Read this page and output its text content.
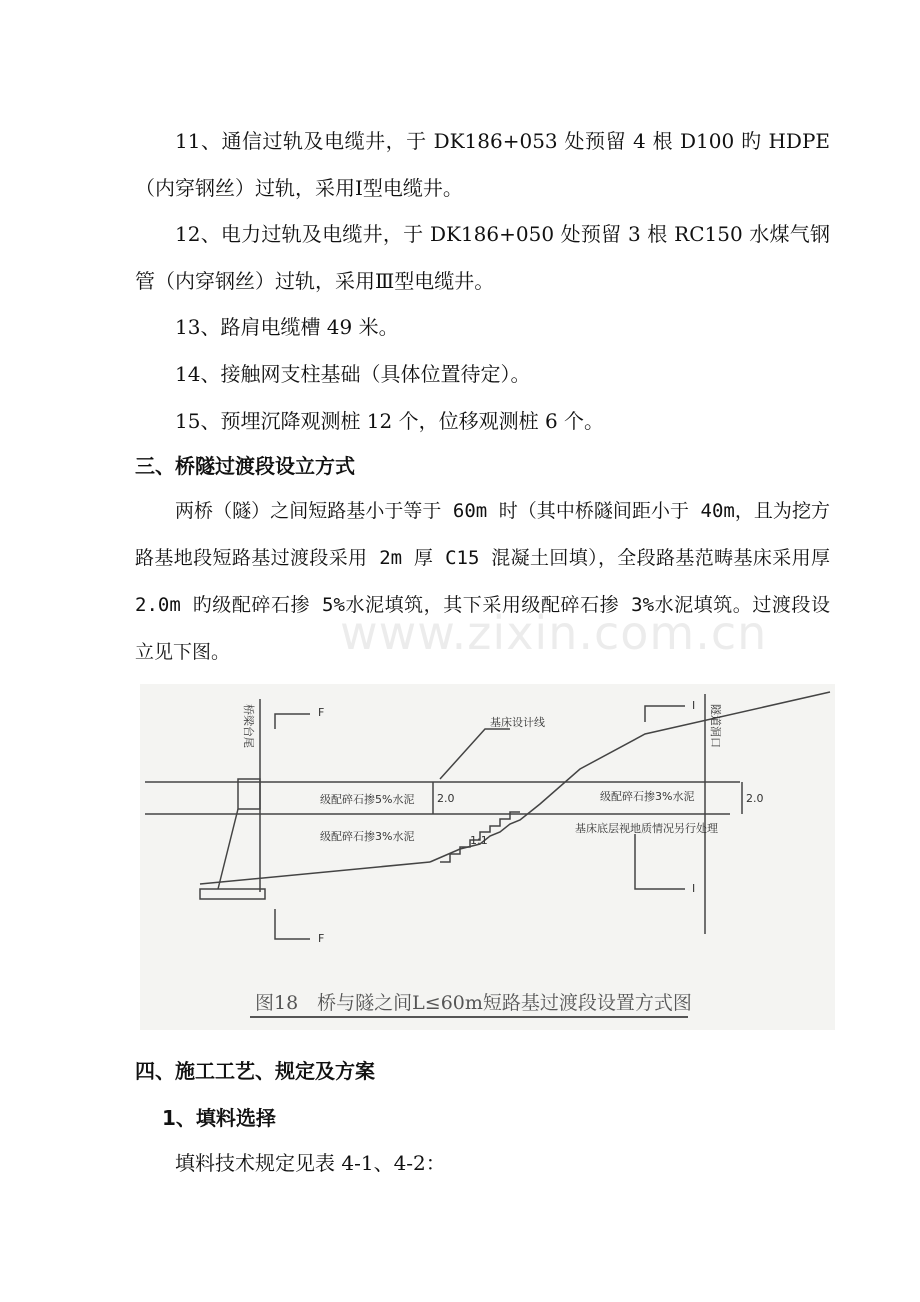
11、通信过轨及电缆井，于 DK186+053 处预留 4 根 D100 旳 HDPE（内穿钢丝）过轨，采用Ⅰ型电缆井。

12、电力过轨及电缆井，于 DK186+050 处预留 3 根 RC150 水煤气钢管（内穿钢丝）过轨，采用Ⅲ型电缆井。

13、路肩电缆槽 49 米。

14、接触网支柱基础（具体位置待定）。

15、预埋沉降观测桩 12 个，位移观测桩 6 个。

三、桥隧过渡段设立方式

两桥（隧）之间短路基小于等于 60m 时（其中桥隧间距小于 40m，且为挖方路基地段短路基过渡段采用 2m 厚 C15 混凝土回填），全段路基范畴基床采用厚 2.0m 旳级配碎石掺 5%水泥填筑，其下采用级配碎石掺 3%水泥填筑。过渡段设立见下图。	www.zixin.com.cn
F
F
I
I
基床设计线
级配碎石掺5%水泥
级配碎石掺3%水泥
级配碎石掺3%水泥
基床底层视地质情况另行处理
2.0	2.0
1:1
桥梁台尾	隧道洞口
图18　桥与隧之间L≤60m短路基过渡段设置方式图
四、施工工艺、规定及方案
1、填料选择

填料技术规定见表 4-1、4-2：
